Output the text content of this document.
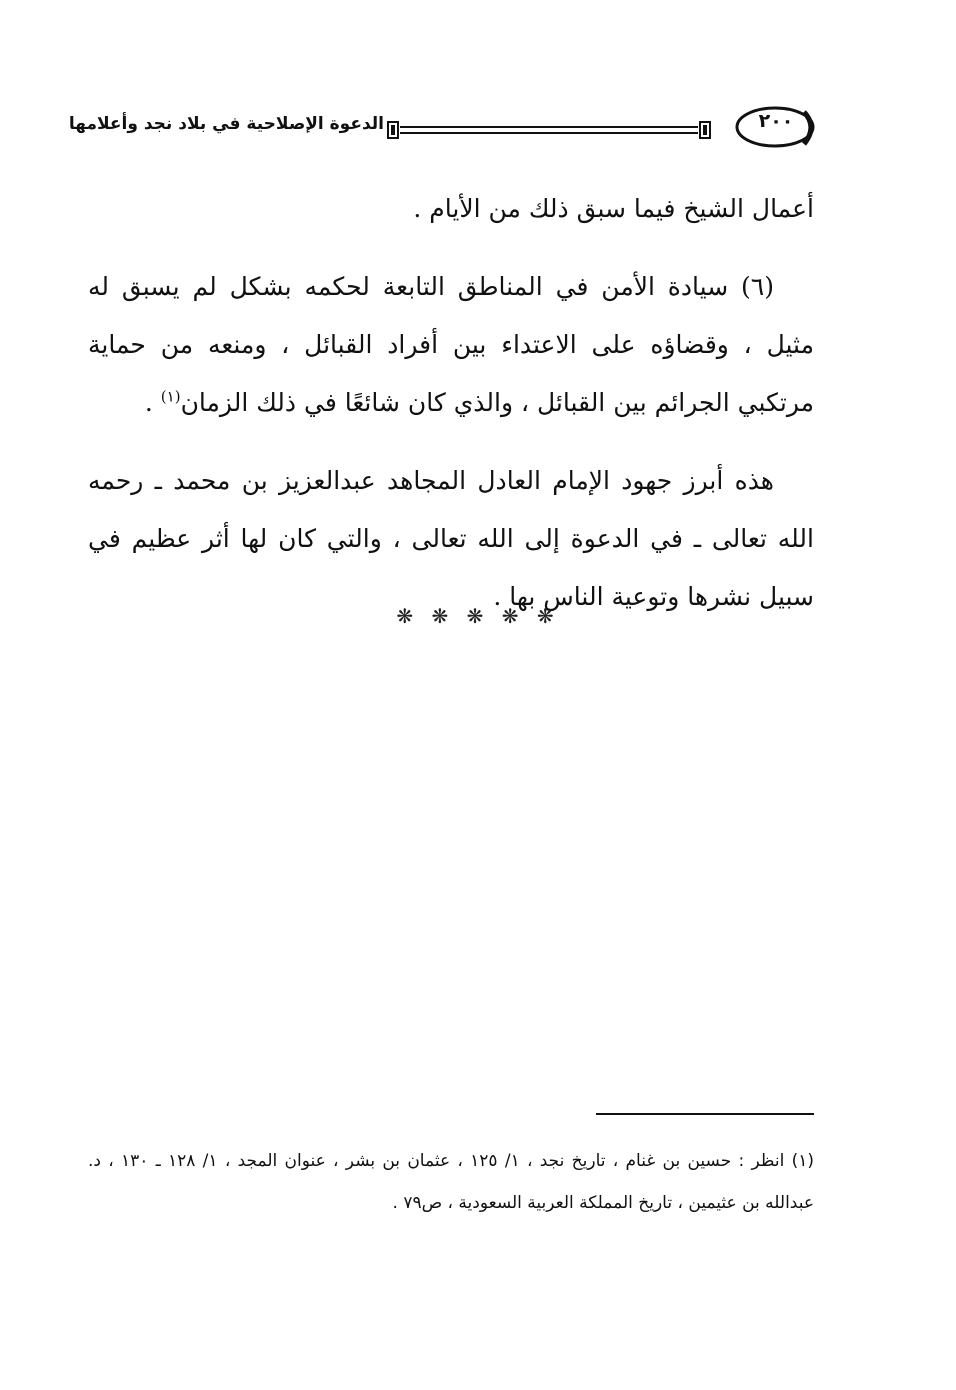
الدعوة الإصلاحية في بلاد نجد وأعلامها	٢٠٠

أعمال الشيخ فيما سبق ذلك من الأيام .

(٦) سيادة الأمن في المناطق التابعة لحكمه بشكل لم يسبق له مثيل ، وقضاؤه على الاعتداء بين أفراد القبائل ، ومنعه من حماية مرتكبي الجرائم بين القبائل ، والذي كان شائعًا في ذلك الزمان$^{(١)}$ .

هذه أبرز جهود الإمام العادل المجاهد عبدالعزيز بن محمد ـ رحمه الله تعالى ـ في الدعوة إلى الله تعالى ، والتي كان لها أثر عظيم في سبيل نشرها وتوعية الناس بها .

❋ ❋ ❋ ❋ ❋

(١) انظر : حسين بن غنام ، تاريخ نجد ، ١/ ١٢٥ ، عثمان بن بشر ، عنوان المجد ، ١/ ١٢٨ ـ ١٣٠ ، د. عبدالله بن عثيمين ، تاريخ المملكة العربية السعودية ، ص٧٩ .
